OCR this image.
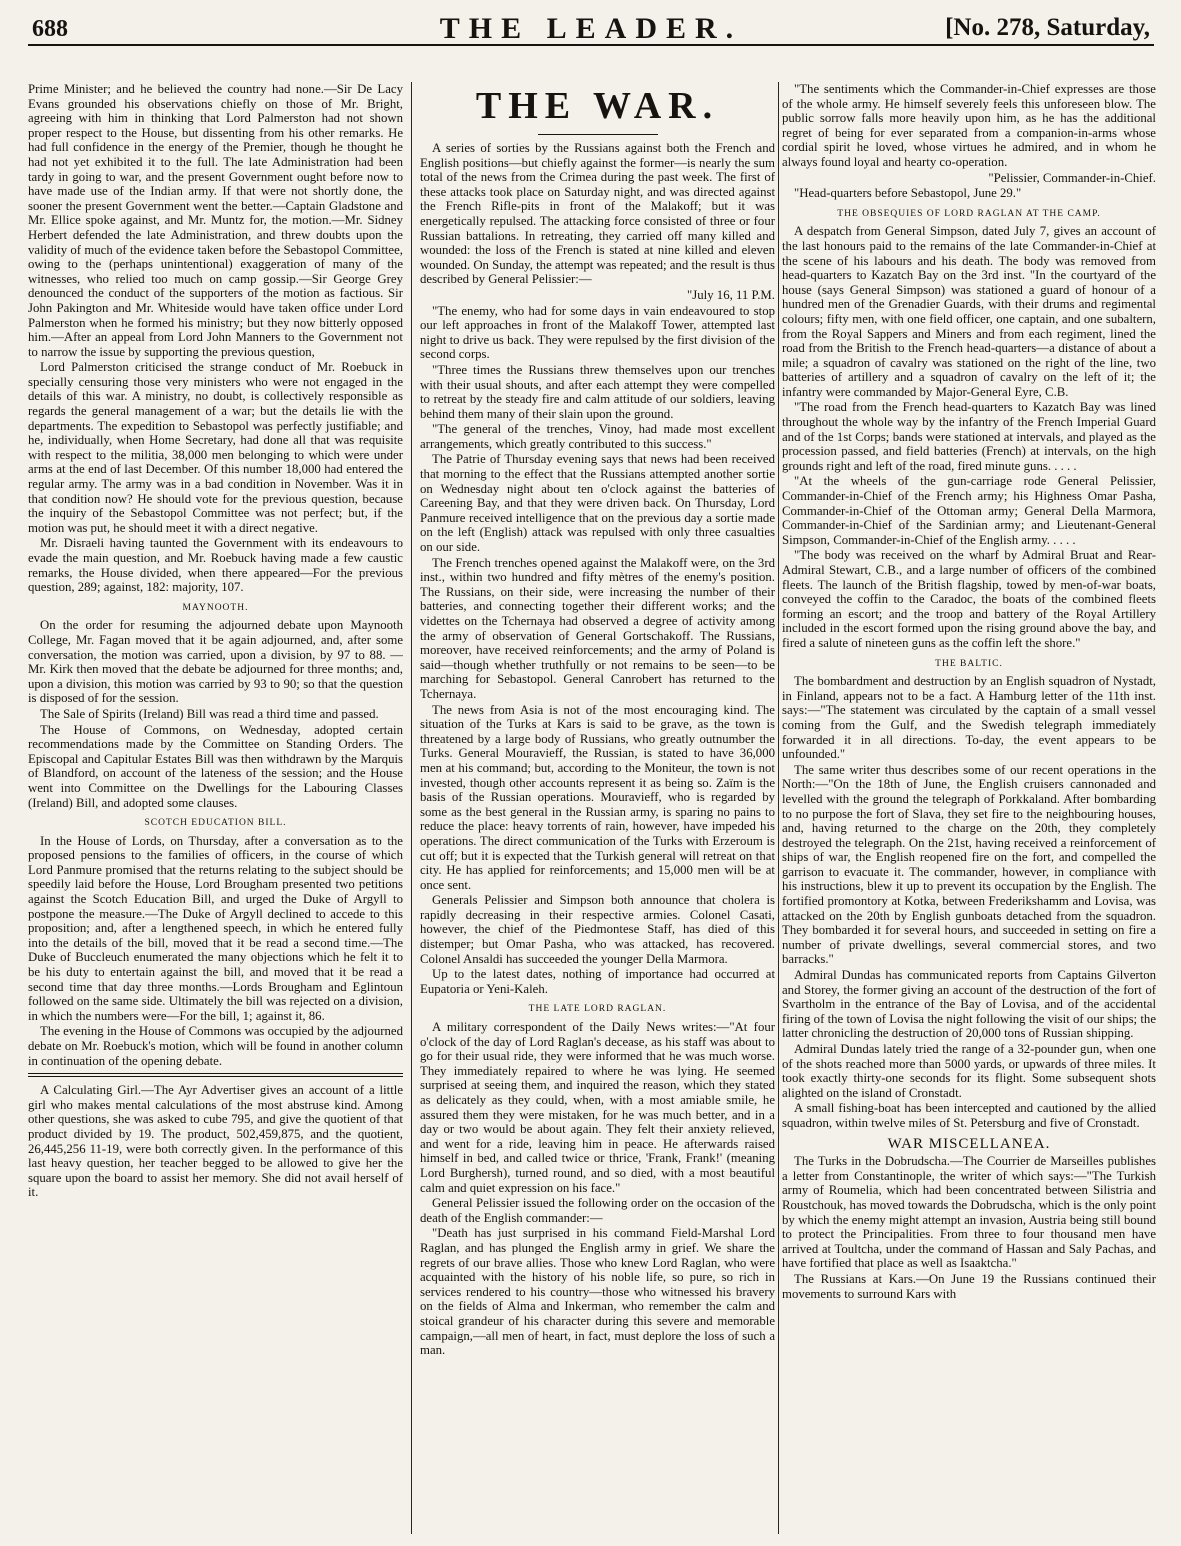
688	THE LEADER.	[No. 278, Saturday,

Prime Minister; and he believed the country had none.—Sir De Lacy Evans grounded his observations chiefly on those of Mr. Bright, agreeing with him in thinking that Lord Palmerston had not shown proper respect to the House, but dissenting from his other remarks. He had full confidence in the energy of the Premier, though he thought he had not yet exhibited it to the full. The late Administration had been tardy in going to war, and the present Government ought before now to have made use of the Indian army. If that were not shortly done, the sooner the present Government went the better.—Captain Gladstone and Mr. Ellice spoke against, and Mr. Muntz for, the motion.—Mr. Sidney Herbert defended the late Administration, and threw doubts upon the validity of much of the evidence taken before the Sebastopol Committee, owing to the (perhaps unintentional) exaggeration of many of the witnesses, who relied too much on camp gossip.—Sir George Grey denounced the conduct of the supporters of the motion as factious. Sir John Pakington and Mr. Whiteside would have taken office under Lord Palmerston when he formed his ministry; but they now bitterly opposed him.—After an appeal from Lord John Manners to the Government not to narrow the issue by supporting the previous question,

Lord Palmerston criticised the strange conduct of Mr. Roebuck in specially censuring those very ministers who were not engaged in the details of this war. A ministry, no doubt, is collectively responsible as regards the general management of a war; but the details lie with the departments. The expedition to Sebastopol was perfectly justifiable; and he, individually, when Home Secretary, had done all that was requisite with respect to the militia, 38,000 men belonging to which were under arms at the end of last December. Of this number 18,000 had entered the regular army. The army was in a bad condition in November. Was it in that condition now? He should vote for the previous question, because the inquiry of the Sebastopol Committee was not perfect; but, if the motion was put, he should meet it with a direct negative.

Mr. Disraeli having taunted the Government with its endeavours to evade the main question, and Mr. Roebuck having made a few caustic remarks, the House divided, when there appeared—For the previous question, 289; against, 182: majority, 107.

MAYNOOTH.

On the order for resuming the adjourned debate upon Maynooth College, Mr. Fagan moved that it be again adjourned, and, after some conversation, the motion was carried, upon a division, by 97 to 88. —Mr. Kirk then moved that the debate be adjourned for three months; and, upon a division, this motion was carried by 93 to 90; so that the question is disposed of for the session.

The Sale of Spirits (Ireland) Bill was read a third time and passed.

The House of Commons, on Wednesday, adopted certain recommendations made by the Committee on Standing Orders. The Episcopal and Capitular Estates Bill was then withdrawn by the Marquis of Blandford, on account of the lateness of the session; and the House went into Committee on the Dwellings for the Labouring Classes (Ireland) Bill, and adopted some clauses.

SCOTCH EDUCATION BILL.

In the House of Lords, on Thursday, after a conversation as to the proposed pensions to the families of officers, in the course of which Lord Panmure promised that the returns relating to the subject should be speedily laid before the House, Lord Brougham presented two petitions against the Scotch Education Bill, and urged the Duke of Argyll to postpone the measure.—The Duke of Argyll declined to accede to this proposition; and, after a lengthened speech, in which he entered fully into the details of the bill, moved that it be read a second time.—The Duke of Buccleuch enumerated the many objections which he felt it to be his duty to entertain against the bill, and moved that it be read a second time that day three months.—Lords Brougham and Eglintoun followed on the same side. Ultimately the bill was rejected on a division, in which the numbers were—For the bill, 1; against it, 86.

The evening in the House of Commons was occupied by the adjourned debate on Mr. Roebuck's motion, which will be found in another column in continuation of the opening debate.

A Calculating Girl.—The Ayr Advertiser gives an account of a little girl who makes mental calculations of the most abstruse kind. Among other questions, she was asked to cube 795, and give the quotient of that product divided by 19. The product, 502,459,875, and the quotient, 26,445,256 11-19, were both correctly given. In the performance of this last heavy question, her teacher begged to be allowed to give her the square upon the board to assist her memory. She did not avail herself of it.

THE WAR.

A series of sorties by the Russians against both the French and English positions—but chiefly against the former—is nearly the sum total of the news from the Crimea during the past week. The first of these attacks took place on Saturday night, and was directed against the French Rifle-pits in front of the Malakoff; but it was energetically repulsed. The attacking force consisted of three or four Russian battalions. In retreating, they carried off many killed and wounded: the loss of the French is stated at nine killed and eleven wounded. On Sunday, the attempt was repeated; and the result is thus described by General Pelissier:—

"July 16, 11 P.M.

"The enemy, who had for some days in vain endeavoured to stop our left approaches in front of the Malakoff Tower, attempted last night to drive us back. They were repulsed by the first division of the second corps.

"Three times the Russians threw themselves upon our trenches with their usual shouts, and after each attempt they were compelled to retreat by the steady fire and calm attitude of our soldiers, leaving behind them many of their slain upon the ground.

"The general of the trenches, Vinoy, had made most excellent arrangements, which greatly contributed to this success."

The Patrie of Thursday evening says that news had been received that morning to the effect that the Russians attempted another sortie on Wednesday night about ten o'clock against the batteries of Careening Bay, and that they were driven back. On Thursday, Lord Panmure received intelligence that on the previous day a sortie made on the left (English) attack was repulsed with only three casualties on our side.

The French trenches opened against the Malakoff were, on the 3rd inst., within two hundred and fifty mètres of the enemy's position. The Russians, on their side, were increasing the number of their batteries, and connecting together their different works; and the videttes on the Tchernaya had observed a degree of activity among the army of observation of General Gortschakoff. The Russians, moreover, have received reinforcements; and the army of Poland is said—though whether truthfully or not remains to be seen—to be marching for Sebastopol. General Canrobert has returned to the Tchernaya.

The news from Asia is not of the most encouraging kind. The situation of the Turks at Kars is said to be grave, as the town is threatened by a large body of Russians, who greatly outnumber the Turks. General Mouravieff, the Russian, is stated to have 36,000 men at his command; but, according to the Moniteur, the town is not invested, though other accounts represent it as being so. Zaïm is the basis of the Russian operations. Mouravieff, who is regarded by some as the best general in the Russian army, is sparing no pains to reduce the place: heavy torrents of rain, however, have impeded his operations. The direct communication of the Turks with Erzeroum is cut off; but it is expected that the Turkish general will retreat on that city. He has applied for reinforcements; and 15,000 men will be at once sent.

Generals Pelissier and Simpson both announce that cholera is rapidly decreasing in their respective armies. Colonel Casati, however, the chief of the Piedmontese Staff, has died of this distemper; but Omar Pasha, who was attacked, has recovered. Colonel Ansaldi has succeeded the younger Della Marmora.

Up to the latest dates, nothing of importance had occurred at Eupatoria or Yeni-Kaleh.

THE LATE LORD RAGLAN.

A military correspondent of the Daily News writes:—"At four o'clock of the day of Lord Raglan's decease, as his staff was about to go for their usual ride, they were informed that he was much worse. They immediately repaired to where he was lying. He seemed surprised at seeing them, and inquired the reason, which they stated as delicately as they could, when, with a most amiable smile, he assured them they were mistaken, for he was much better, and in a day or two would be about again. They felt their anxiety relieved, and went for a ride, leaving him in peace. He afterwards raised himself in bed, and called twice or thrice, 'Frank, Frank!' (meaning Lord Burghersh), turned round, and so died, with a most beautiful calm and quiet expression on his face."

General Pelissier issued the following order on the occasion of the death of the English commander:—

"Death has just surprised in his command Field-Marshal Lord Raglan, and has plunged the English army in grief. We share the regrets of our brave allies. Those who knew Lord Raglan, who were acquainted with the history of his noble life, so pure, so rich in services rendered to his country—those who witnessed his bravery on the fields of Alma and Inkerman, who remember the calm and stoical grandeur of his character during this severe and memorable campaign,—all men of heart, in fact, must deplore the loss of such a man.

"The sentiments which the Commander-in-Chief expresses are those of the whole army. He himself severely feels this unforeseen blow. The public sorrow falls more heavily upon him, as he has the additional regret of being for ever separated from a companion-in-arms whose cordial spirit he loved, whose virtues he admired, and in whom he always found loyal and hearty co-operation.

"Pelissier, Commander-in-Chief.

"Head-quarters before Sebastopol, June 29."

THE OBSEQUIES OF LORD RAGLAN AT THE CAMP.

A despatch from General Simpson, dated July 7, gives an account of the last honours paid to the remains of the late Commander-in-Chief at the scene of his labours and his death. The body was removed from head-quarters to Kazatch Bay on the 3rd inst. "In the courtyard of the house (says General Simpson) was stationed a guard of honour of a hundred men of the Grenadier Guards, with their drums and regimental colours; fifty men, with one field officer, one captain, and one subaltern, from the Royal Sappers and Miners and from each regiment, lined the road from the British to the French head-quarters—a distance of about a mile; a squadron of cavalry was stationed on the right of the line, two batteries of artillery and a squadron of cavalry on the left of it; the infantry were commanded by Major-General Eyre, C.B.

"The road from the French head-quarters to Kazatch Bay was lined throughout the whole way by the infantry of the French Imperial Guard and of the 1st Corps; bands were stationed at intervals, and played as the procession passed, and field batteries (French) at intervals, on the high grounds right and left of the road, fired minute guns. . . . .

"At the wheels of the gun-carriage rode General Pelissier, Commander-in-Chief of the French army; his Highness Omar Pasha, Commander-in-Chief of the Ottoman army; General Della Marmora, Commander-in-Chief of the Sardinian army; and Lieutenant-General Simpson, Commander-in-Chief of the English army. . . . .

"The body was received on the wharf by Admiral Bruat and Rear-Admiral Stewart, C.B., and a large number of officers of the combined fleets. The launch of the British flagship, towed by men-of-war boats, conveyed the coffin to the Caradoc, the boats of the combined fleets forming an escort; and the troop and battery of the Royal Artillery included in the escort formed upon the rising ground above the bay, and fired a salute of nineteen guns as the coffin left the shore."

THE BALTIC.

The bombardment and destruction by an English squadron of Nystadt, in Finland, appears not to be a fact. A Hamburg letter of the 11th inst. says:—"The statement was circulated by the captain of a small vessel coming from the Gulf, and the Swedish telegraph immediately forwarded it in all directions. To-day, the event appears to be unfounded."

The same writer thus describes some of our recent operations in the North:—"On the 18th of June, the English cruisers cannonaded and levelled with the ground the telegraph of Porkkaland. After bombarding to no purpose the fort of Slava, they set fire to the neighbouring houses, and, having returned to the charge on the 20th, they completely destroyed the telegraph. On the 21st, having received a reinforcement of ships of war, the English reopened fire on the fort, and compelled the garrison to evacuate it. The commander, however, in compliance with his instructions, blew it up to prevent its occupation by the English. The fortified promontory at Kotka, between Frederikshamm and Lovisa, was attacked on the 20th by English gunboats detached from the squadron. They bombarded it for several hours, and succeeded in setting on fire a number of private dwellings, several commercial stores, and two barracks."

Admiral Dundas has communicated reports from Captains Gilverton and Storey, the former giving an account of the destruction of the fort of Svartholm in the entrance of the Bay of Lovisa, and of the accidental firing of the town of Lovisa the night following the visit of our ships; the latter chronicling the destruction of 20,000 tons of Russian shipping.

Admiral Dundas lately tried the range of a 32-pounder gun, when one of the shots reached more than 5000 yards, or upwards of three miles. It took exactly thirty-one seconds for its flight. Some subsequent shots alighted on the island of Cronstadt.

A small fishing-boat has been intercepted and cautioned by the allied squadron, within twelve miles of St. Petersburg and five of Cronstadt.

WAR MISCELLANEA.

The Turks in the Dobrudscha.—The Courrier de Marseilles publishes a letter from Constantinople, the writer of which says:—"The Turkish army of Roumelia, which had been concentrated between Silistria and Roustchouk, has moved towards the Dobrudscha, which is the only point by which the enemy might attempt an invasion, Austria being still bound to protect the Principalities. From three to four thousand men have arrived at Toultcha, under the command of Hassan and Saly Pachas, and have fortified that place as well as Isaaktcha."

The Russians at Kars.—On June 19 the Russians continued their movements to surround Kars with
